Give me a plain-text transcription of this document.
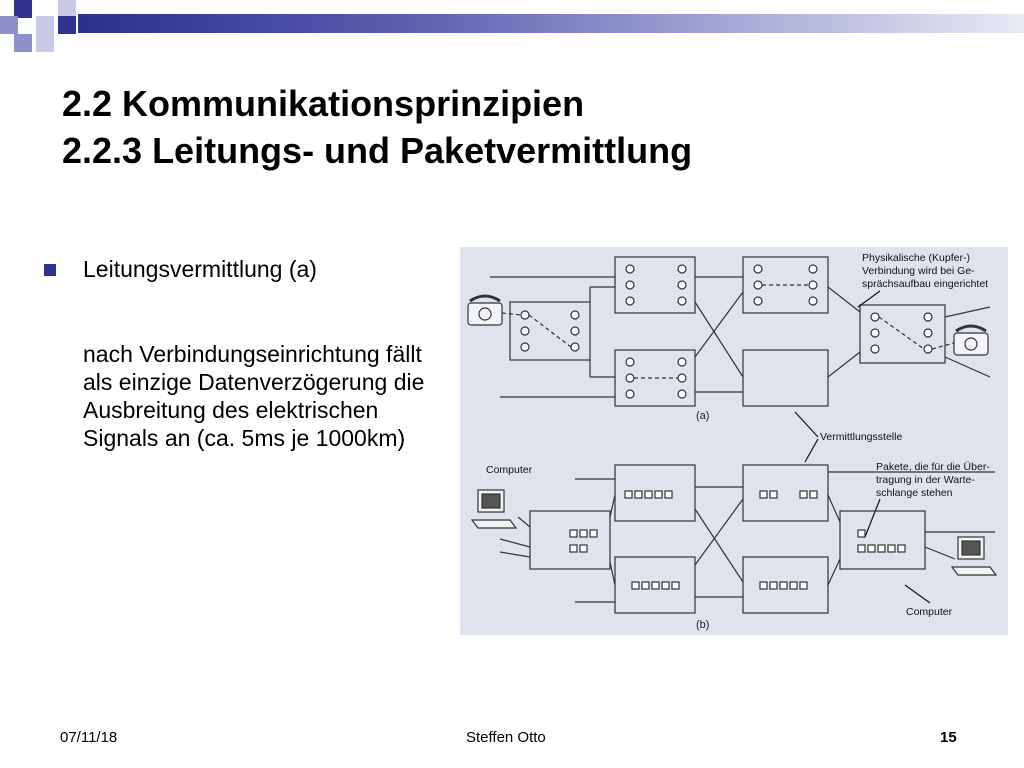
2.2 Kommunikationsprinzipien
2.2.3 Leitungs- und Paketvermittlung
Leitungsvermittlung (a)
nach Verbindungseinrichtung fällt als einzige Datenverzögerung die Ausbreitung des elektrischen Signals an (ca. 5ms je 1000km)
(a)
Physikalische (Kupfer-)
Verbindung wird bei Ge-
sprächsaufbau eingerichtet
Vermittlungsstelle
Computer
Computer
Pakete, die für die Über-
tragung in der Warte-
schlange stehen
(b)
07/11/18	Steffen Otto	15
